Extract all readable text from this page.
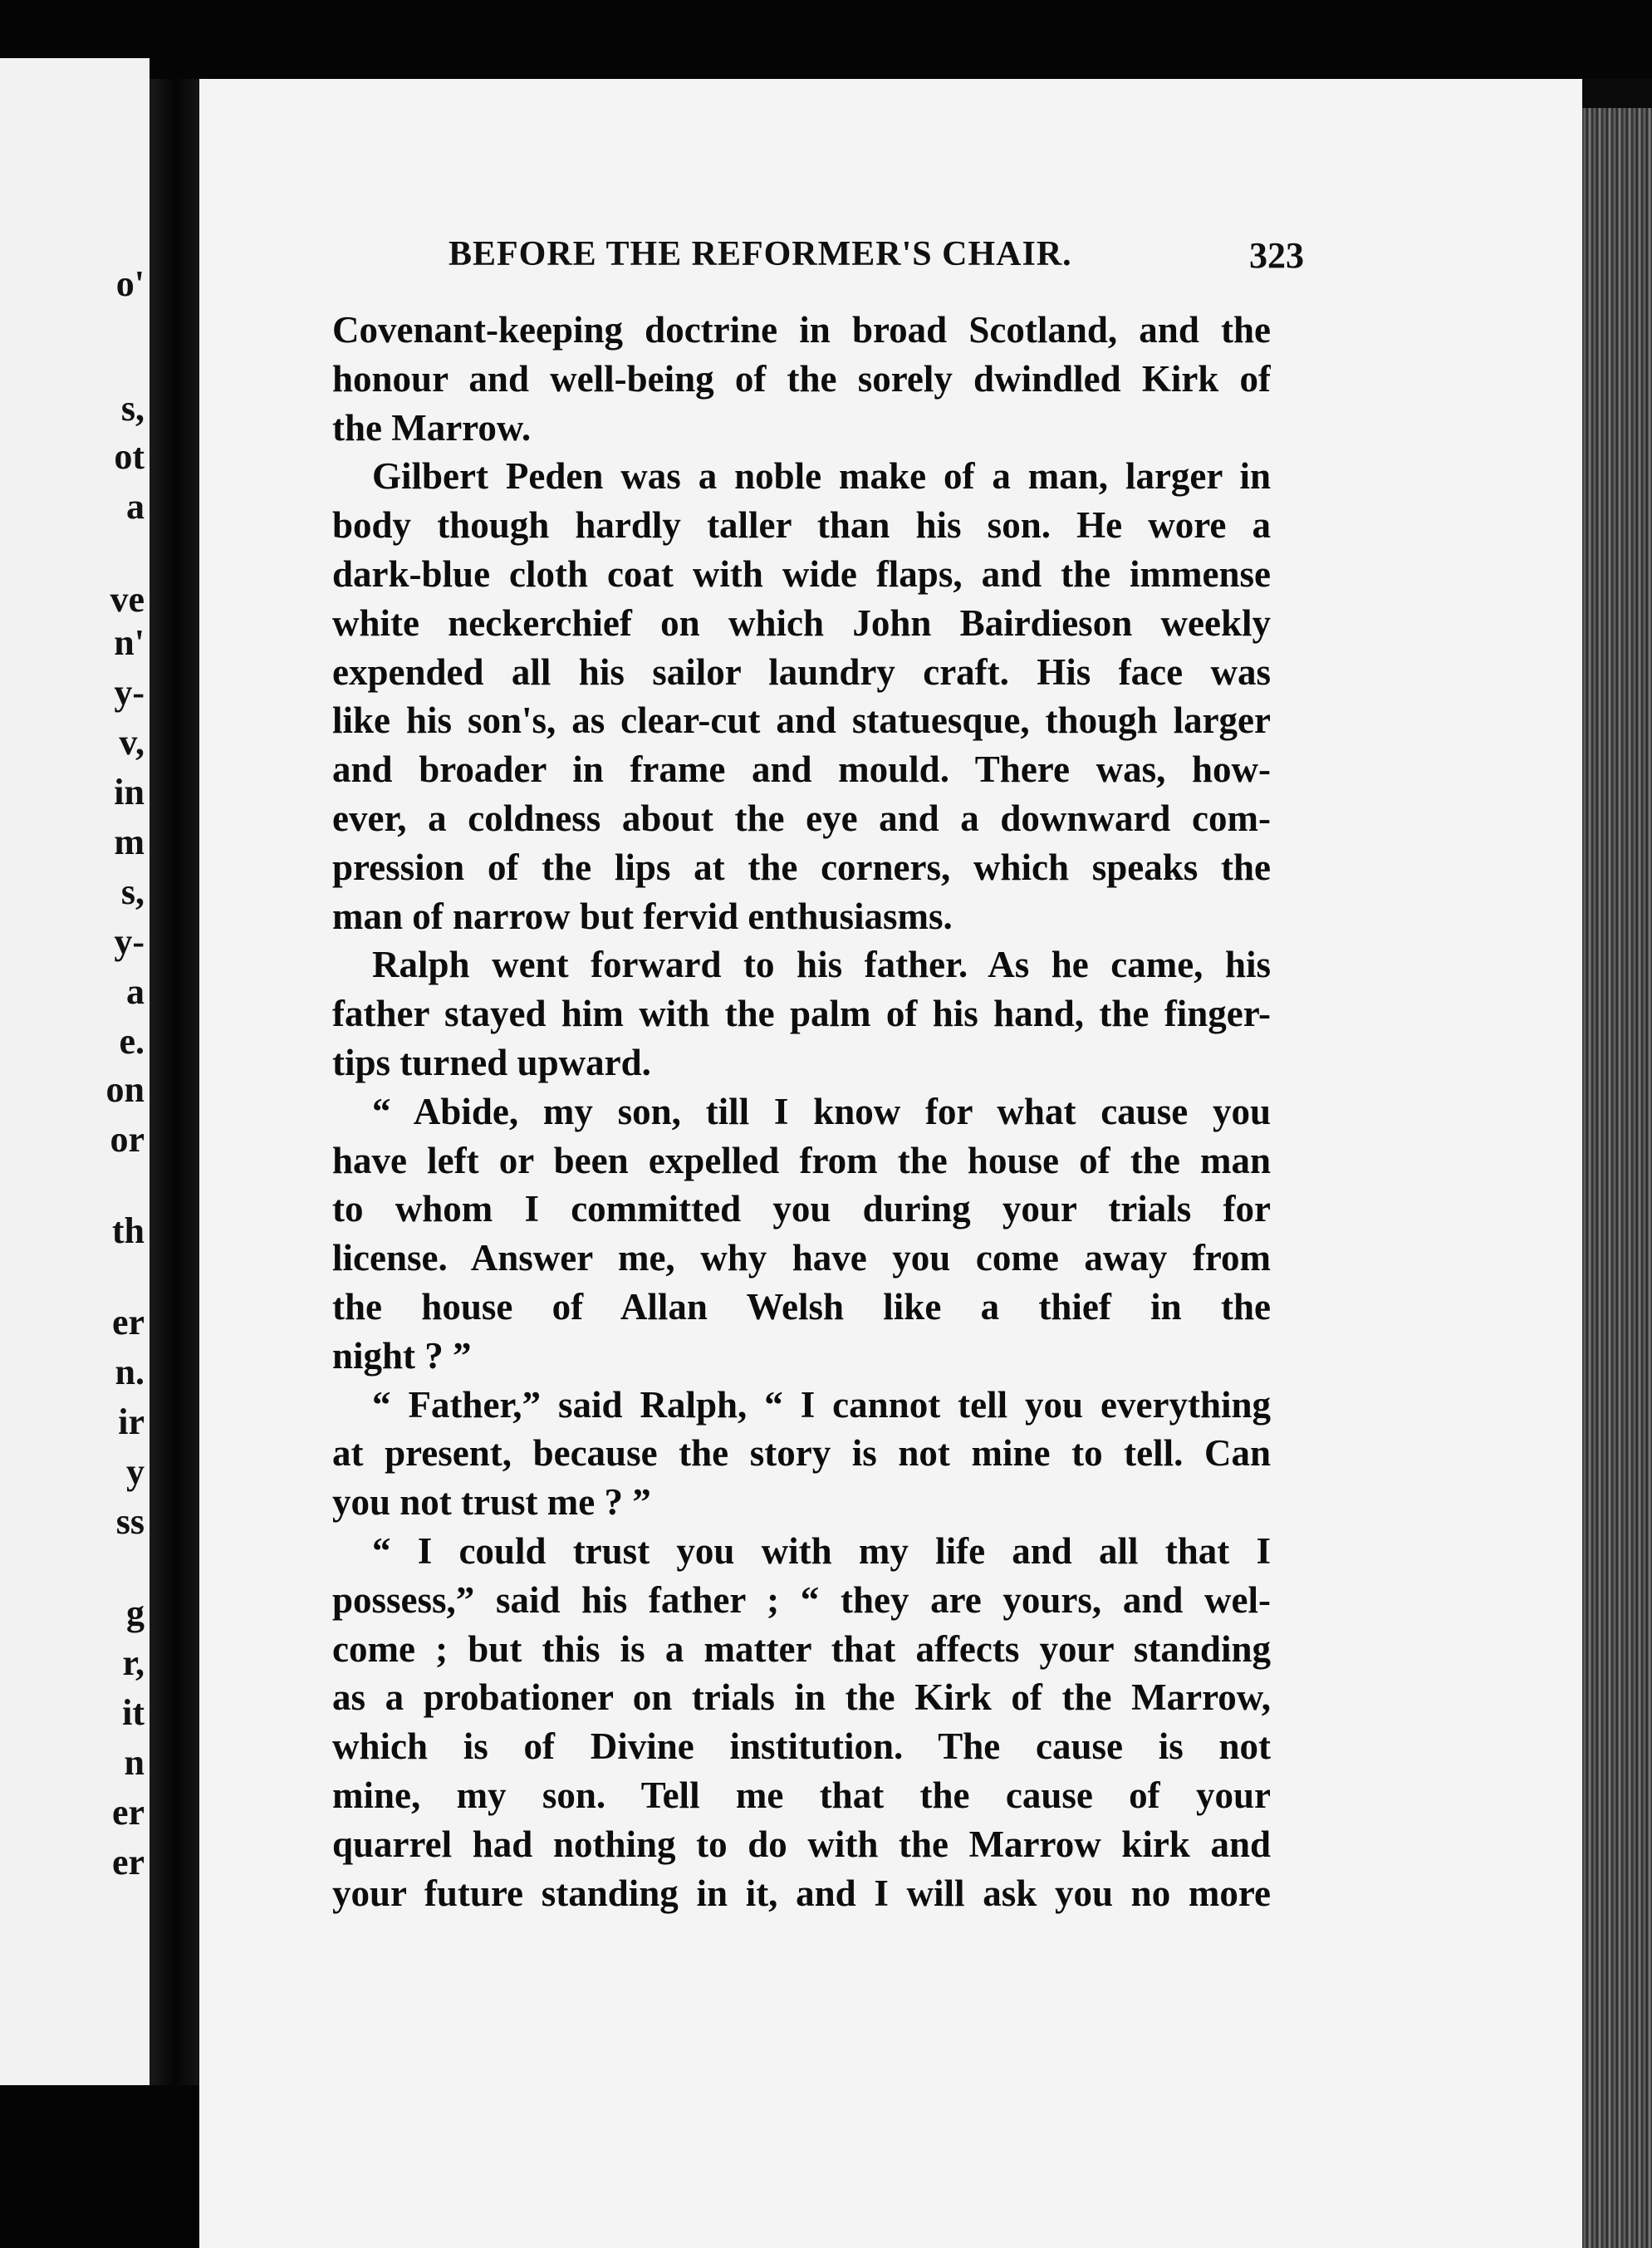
o'
s,
ot
a
ve
n'
y-
v,
in
m
s,
y-
a
e.
on
or
th
er
n.
ir
y
ss
g
r,
it
n
er
er
BEFORE THE REFORMER'S CHAIR.	323
Covenant-keeping doctrine in broad Scotland, and the
honour and well-being of the sorely dwindled Kirk of
the Marrow.
Gilbert Peden was a noble make of a man, larger in
body though hardly taller than his son. He wore a
dark-blue cloth coat with wide flaps, and the immense
white neckerchief on which John Bairdieson weekly
expended all his sailor laundry craft. His face was
like his son's, as clear-cut and statuesque, though larger
and broader in frame and mould. There was, how-
ever, a coldness about the eye and a downward com-
pression of the lips at the corners, which speaks the
man of narrow but fervid enthusiasms.
Ralph went forward to his father. As he came, his
father stayed him with the palm of his hand, the finger-
tips turned upward.
“ Abide, my son, till I know for what cause you
have left or been expelled from the house of the man
to whom I committed you during your trials for
license. Answer me, why have you come away from
the house of Allan Welsh like a thief in the
night ? ”
“ Father,” said Ralph, “ I cannot tell you everything
at present, because the story is not mine to tell. Can
you not trust me ? ”
“ I could trust you with my life and all that I
possess,” said his father ; “ they are yours, and wel-
come ; but this is a matter that affects your standing
as a probationer on trials in the Kirk of the Marrow,
which is of Divine institution. The cause is not
mine, my son. Tell me that the cause of your
quarrel had nothing to do with the Marrow kirk and
your future standing in it, and I will ask you no more
